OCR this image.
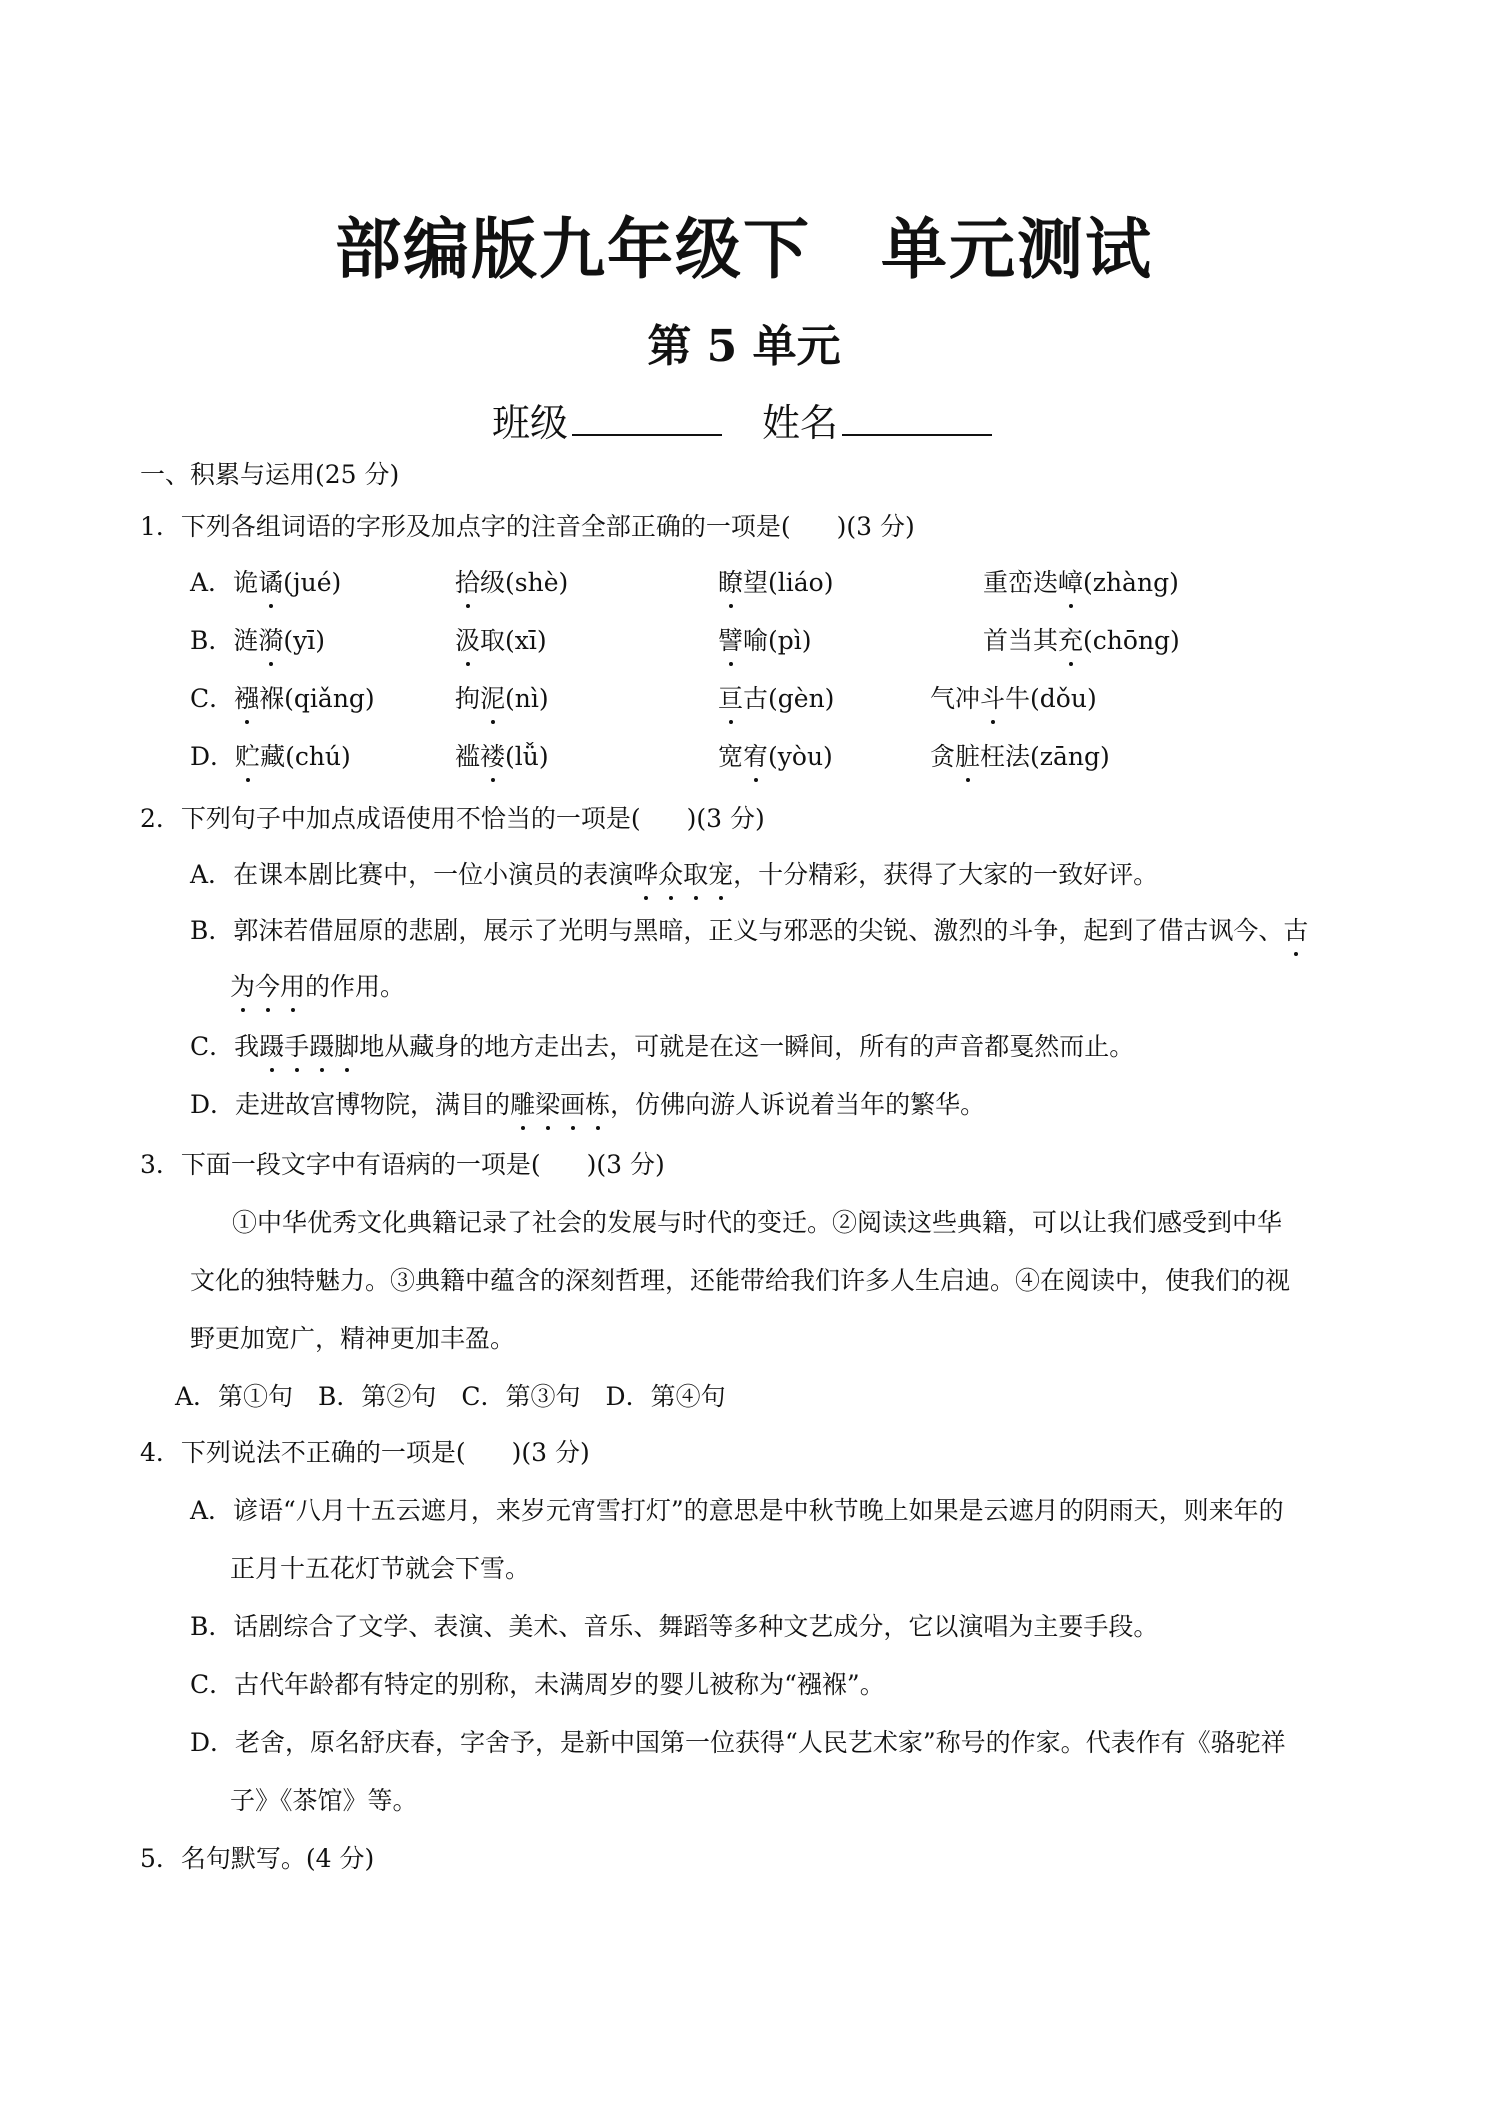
部编版九年级下 单元测试
第 5 单元
班级	姓名
一、积累与运用(25 分)
1．下列各组词语的字形及加点字的注音全部正确的一项是( )(3 分)
A．诡谲(jué)	拾级(shè)	瞭望(liáo)	重峦迭嶂(zhàng)
B．涟漪(yī)	汲取(xī)	譬喻(pì)	首当其充(chōng)
C．襁褓(qiǎng)	拘泥(nì)	亘古(gèn)	气冲斗牛(dǒu)
D．贮藏(chú)	褴褛(lǚ)	宽宥(yòu)	贪脏枉法(zāng)
2．下列句子中加点成语使用不恰当的一项是( )(3 分)
A．在课本剧比赛中，一位小演员的表演哗众取宠，十分精彩，获得了大家的一致好评。
B．郭沫若借屈原的悲剧，展示了光明与黑暗，正义与邪恶的尖锐、激烈的斗争，起到了借古讽今、古
为今用的作用。
C．我蹑手蹑脚地从藏身的地方走出去，可就是在这一瞬间，所有的声音都戛然而止。
D．走进故宫博物院，满目的雕梁画栋，仿佛向游人诉说着当年的繁华。
3．下面一段文字中有语病的一项是( )(3 分)
①中华优秀文化典籍记录了社会的发展与时代的变迁。②阅读这些典籍，可以让我们感受到中华
文化的独特魅力。③典籍中蕴含的深刻哲理，还能带给我们许多人生启迪。④在阅读中，使我们的视
野更加宽广，精神更加丰盈。
A．第①句　B．第②句　C．第③句　D．第④句
4．下列说法不正确的一项是( )(3 分)
A．谚语“八月十五云遮月，来岁元宵雪打灯”的意思是中秋节晚上如果是云遮月的阴雨天，则来年的
正月十五花灯节就会下雪。
B．话剧综合了文学、表演、美术、音乐、舞蹈等多种文艺成分，它以演唱为主要手段。
C．古代年龄都有特定的别称，未满周岁的婴儿被称为“襁褓”。
D．老舍，原名舒庆春，字舍予，是新中国第一位获得“人民艺术家”称号的作家。代表作有《骆驼祥
子》《茶馆》等。
5．名句默写。(4 分)
